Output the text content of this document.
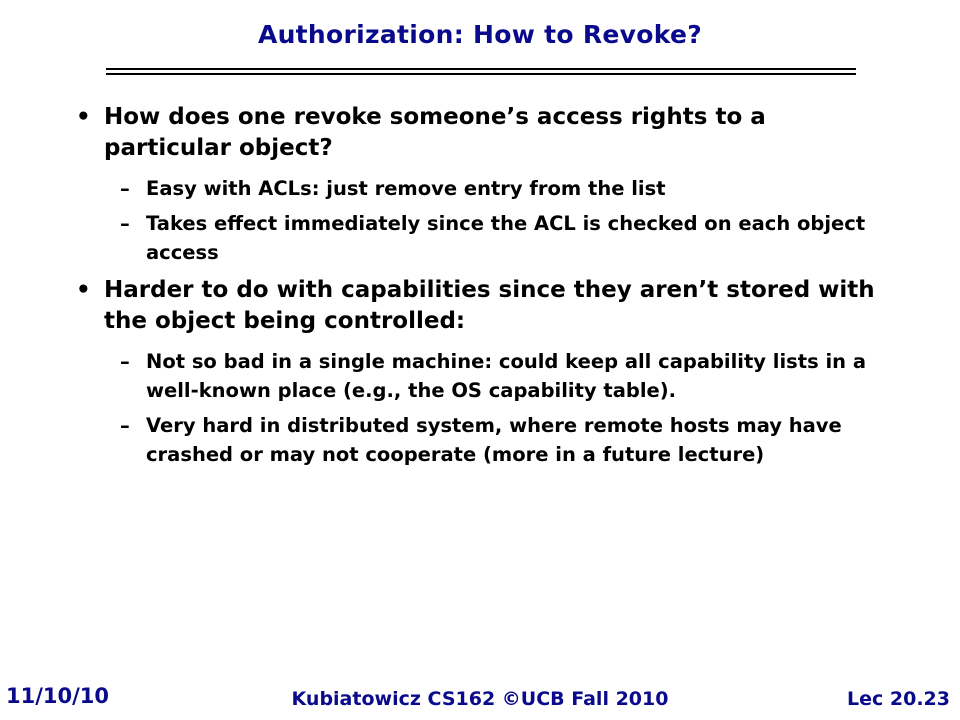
Authorization: How to Revoke?
• How does one revoke someone’s access rights to a particular object?
– Easy with ACLs: just remove entry from the list
– Takes effect immediately since the ACL is checked on each object access
• Harder to do with capabilities since they aren’t stored with the object being controlled:
– Not so bad in a single machine: could keep all capability lists in a well-known place (e.g., the OS capability table).
– Very hard in distributed system, where remote hosts may have crashed or may not cooperate (more in a future lecture)
11/10/10	Kubiatowicz CS162 ©UCB Fall 2010	Lec 20.23
